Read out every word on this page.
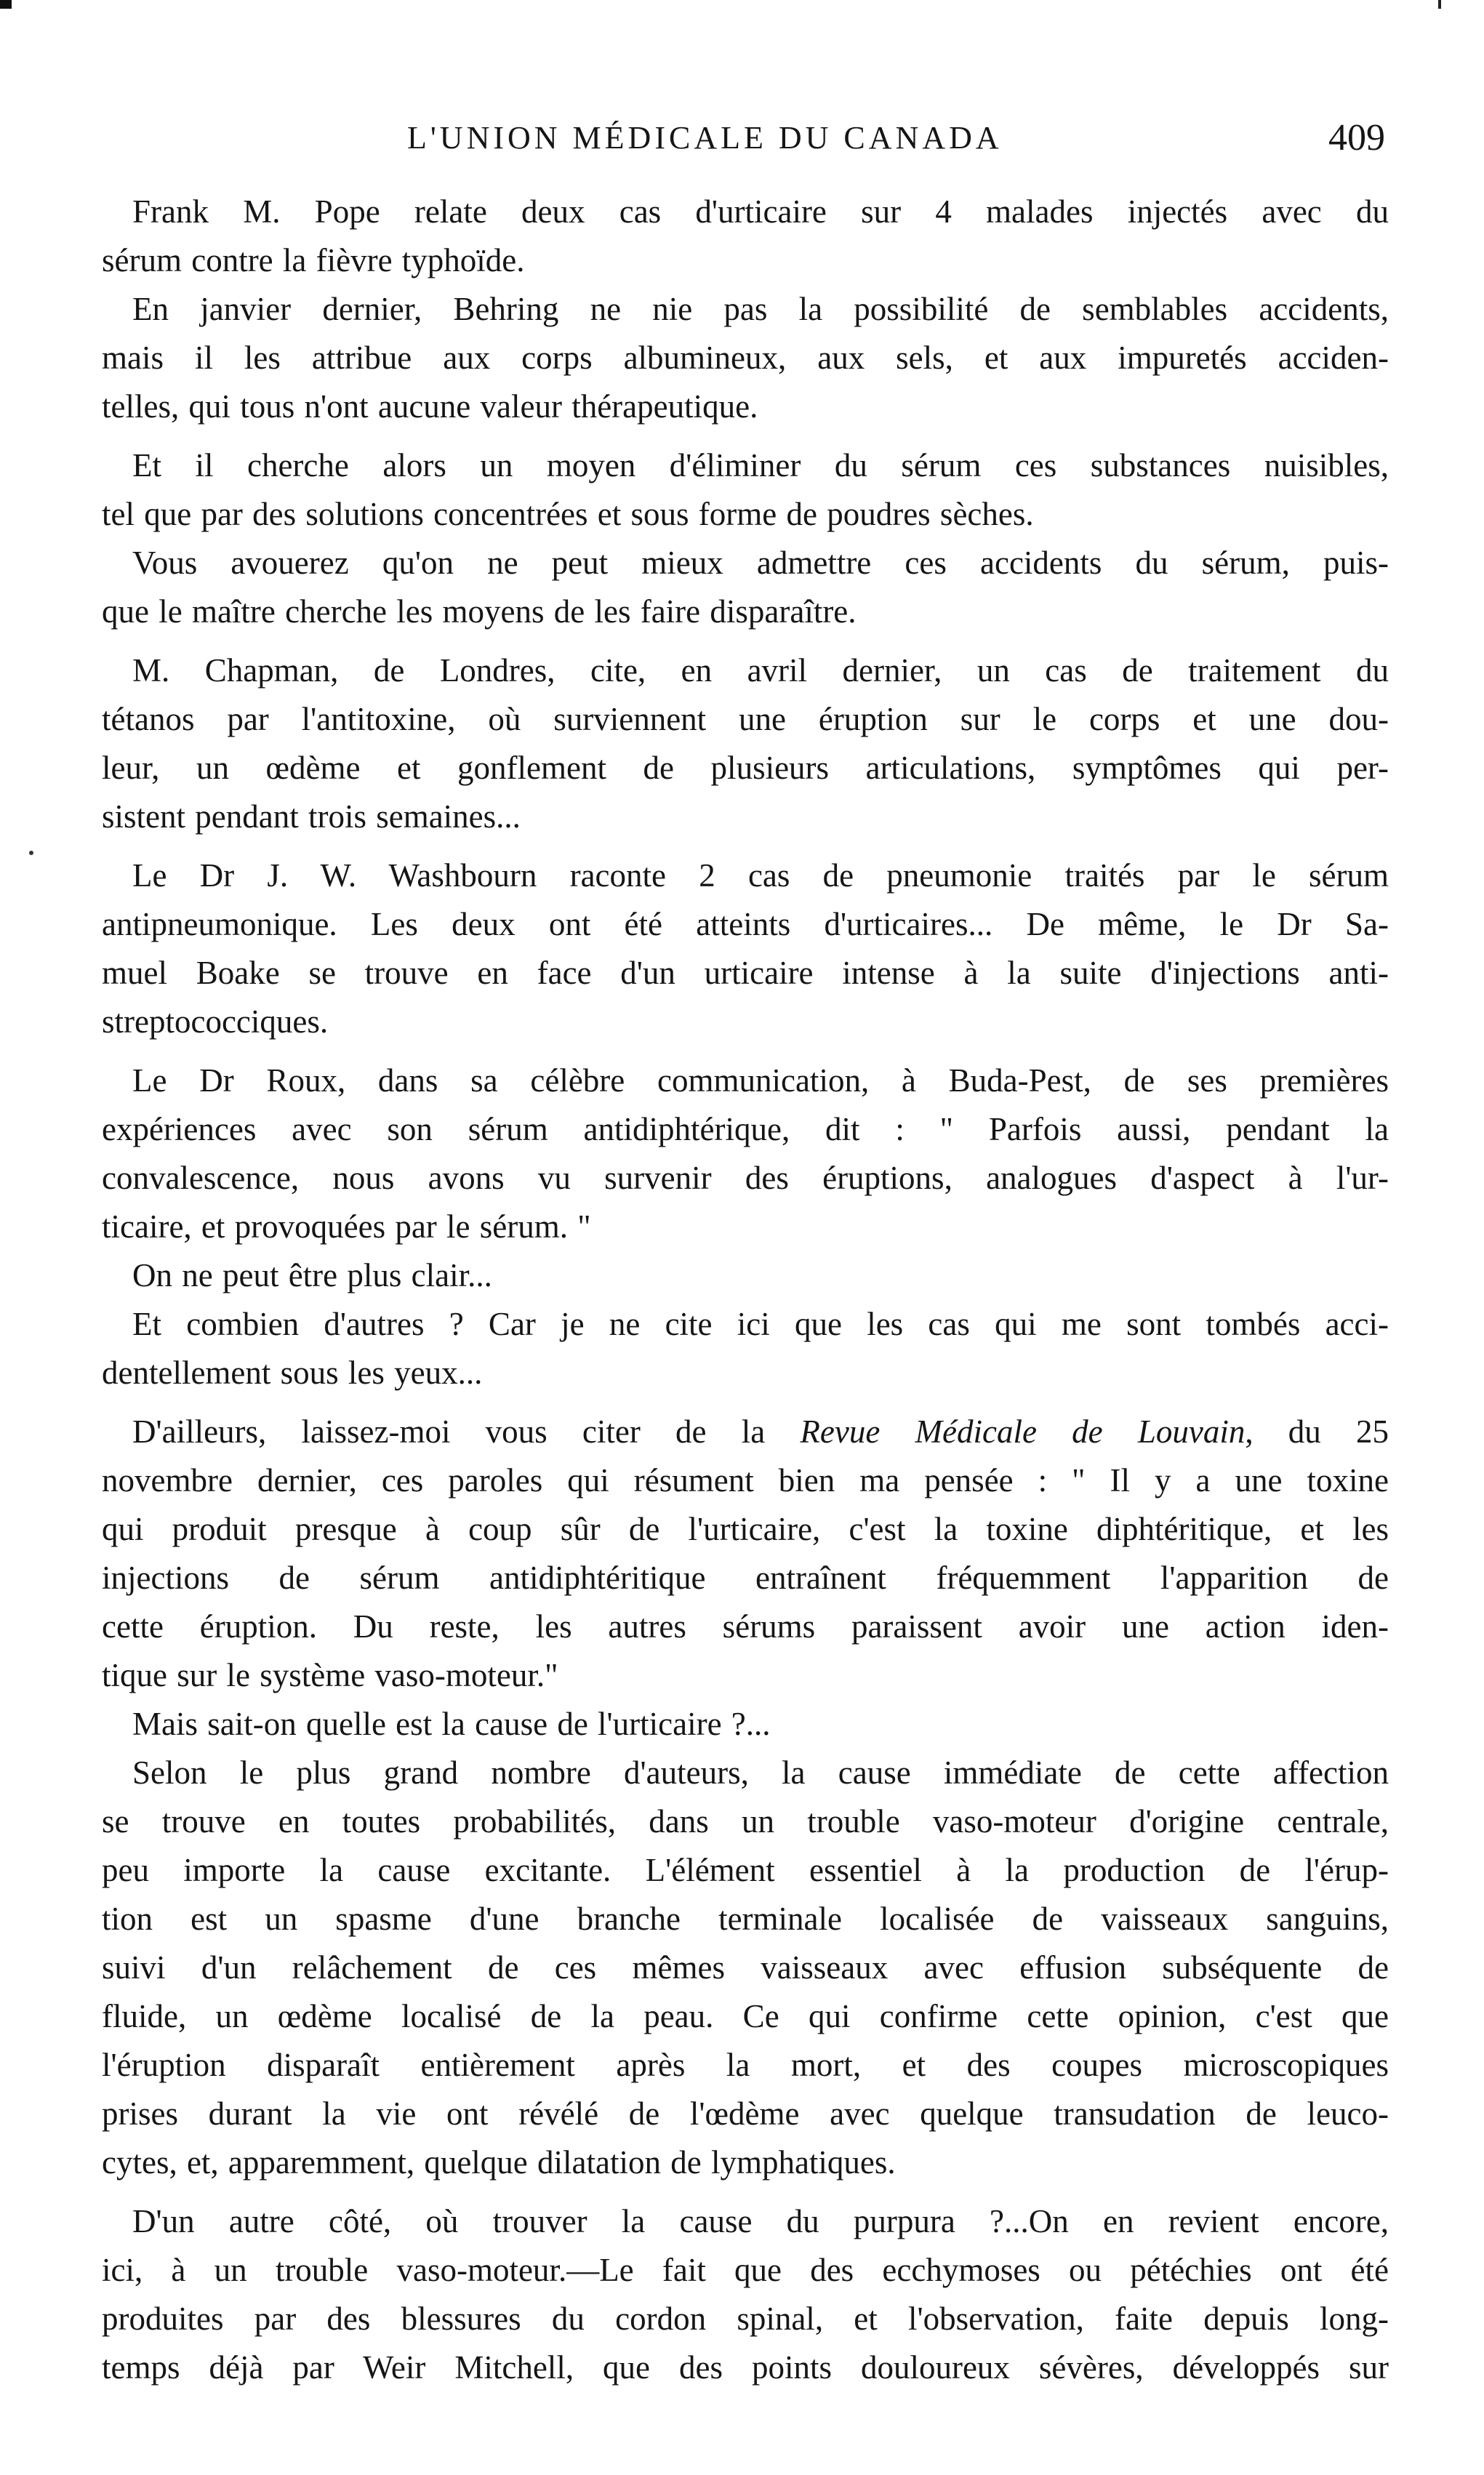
L'UNION MÉDICALE DU CANADA	409
Frank M. Pope relate deux cas d'urticaire sur 4 malades injectés avec du
sérum contre la fièvre typhoïde.
En janvier dernier, Behring ne nie pas la possibilité de semblables accidents,
mais il les attribue aux corps albumineux, aux sels, et aux impuretés acciden-
telles, qui tous n'ont aucune valeur thérapeutique.
Et il cherche alors un moyen d'éliminer du sérum ces substances nuisibles,
tel que par des solutions concentrées et sous forme de poudres sèches.
Vous avouerez qu'on ne peut mieux admettre ces accidents du sérum, puis-
que le maître cherche les moyens de les faire disparaître.
M. Chapman, de Londres, cite, en avril dernier, un cas de traitement du
tétanos par l'antitoxine, où surviennent une éruption sur le corps et une dou-
leur, un œdème et gonflement de plusieurs articulations, symptômes qui per-
sistent pendant trois semaines...
Le Dr J. W. Washbourn raconte 2 cas de pneumonie traités par le sérum
antipneumonique. Les deux ont été atteints d'urticaires... De même, le Dr Sa-
muel Boake se trouve en face d'un urticaire intense à la suite d'injections anti-
streptococciques.
Le Dr Roux, dans sa célèbre communication, à Buda-Pest, de ses premières
expériences avec son sérum antidiphtérique, dit : " Parfois aussi, pendant la
convalescence, nous avons vu survenir des éruptions, analogues d'aspect à l'ur-
ticaire, et provoquées par le sérum. "
On ne peut être plus clair...
Et combien d'autres ? Car je ne cite ici que les cas qui me sont tombés acci-
dentellement sous les yeux...
D'ailleurs, laissez-moi vous citer de la Revue Médicale de Louvain, du 25
novembre dernier, ces paroles qui résument bien ma pensée : " Il y a une toxine
qui produit presque à coup sûr de l'urticaire, c'est la toxine diphtéritique, et les
injections de sérum antidiphtéritique entraînent fréquemment l'apparition de
cette éruption. Du reste, les autres sérums paraissent avoir une action iden-
tique sur le système vaso-moteur."
Mais sait-on quelle est la cause de l'urticaire ?...
Selon le plus grand nombre d'auteurs, la cause immédiate de cette affection
se trouve en toutes probabilités, dans un trouble vaso-moteur d'origine centrale,
peu importe la cause excitante. L'élément essentiel à la production de l'érup-
tion est un spasme d'une branche terminale localisée de vaisseaux sanguins,
suivi d'un relâchement de ces mêmes vaisseaux avec effusion subséquente de
fluide, un œdème localisé de la peau. Ce qui confirme cette opinion, c'est que
l'éruption disparaît entièrement après la mort, et des coupes microscopiques
prises durant la vie ont révélé de l'œdème avec quelque transudation de leuco-
cytes, et, apparemment, quelque dilatation de lymphatiques.
D'un autre côté, où trouver la cause du purpura ?...On en revient encore,
ici, à un trouble vaso-moteur.—Le fait que des ecchymoses ou pétéchies ont été
produites par des blessures du cordon spinal, et l'observation, faite depuis long-
temps déjà par Weir Mitchell, que des points douloureux sévères, développés sur
